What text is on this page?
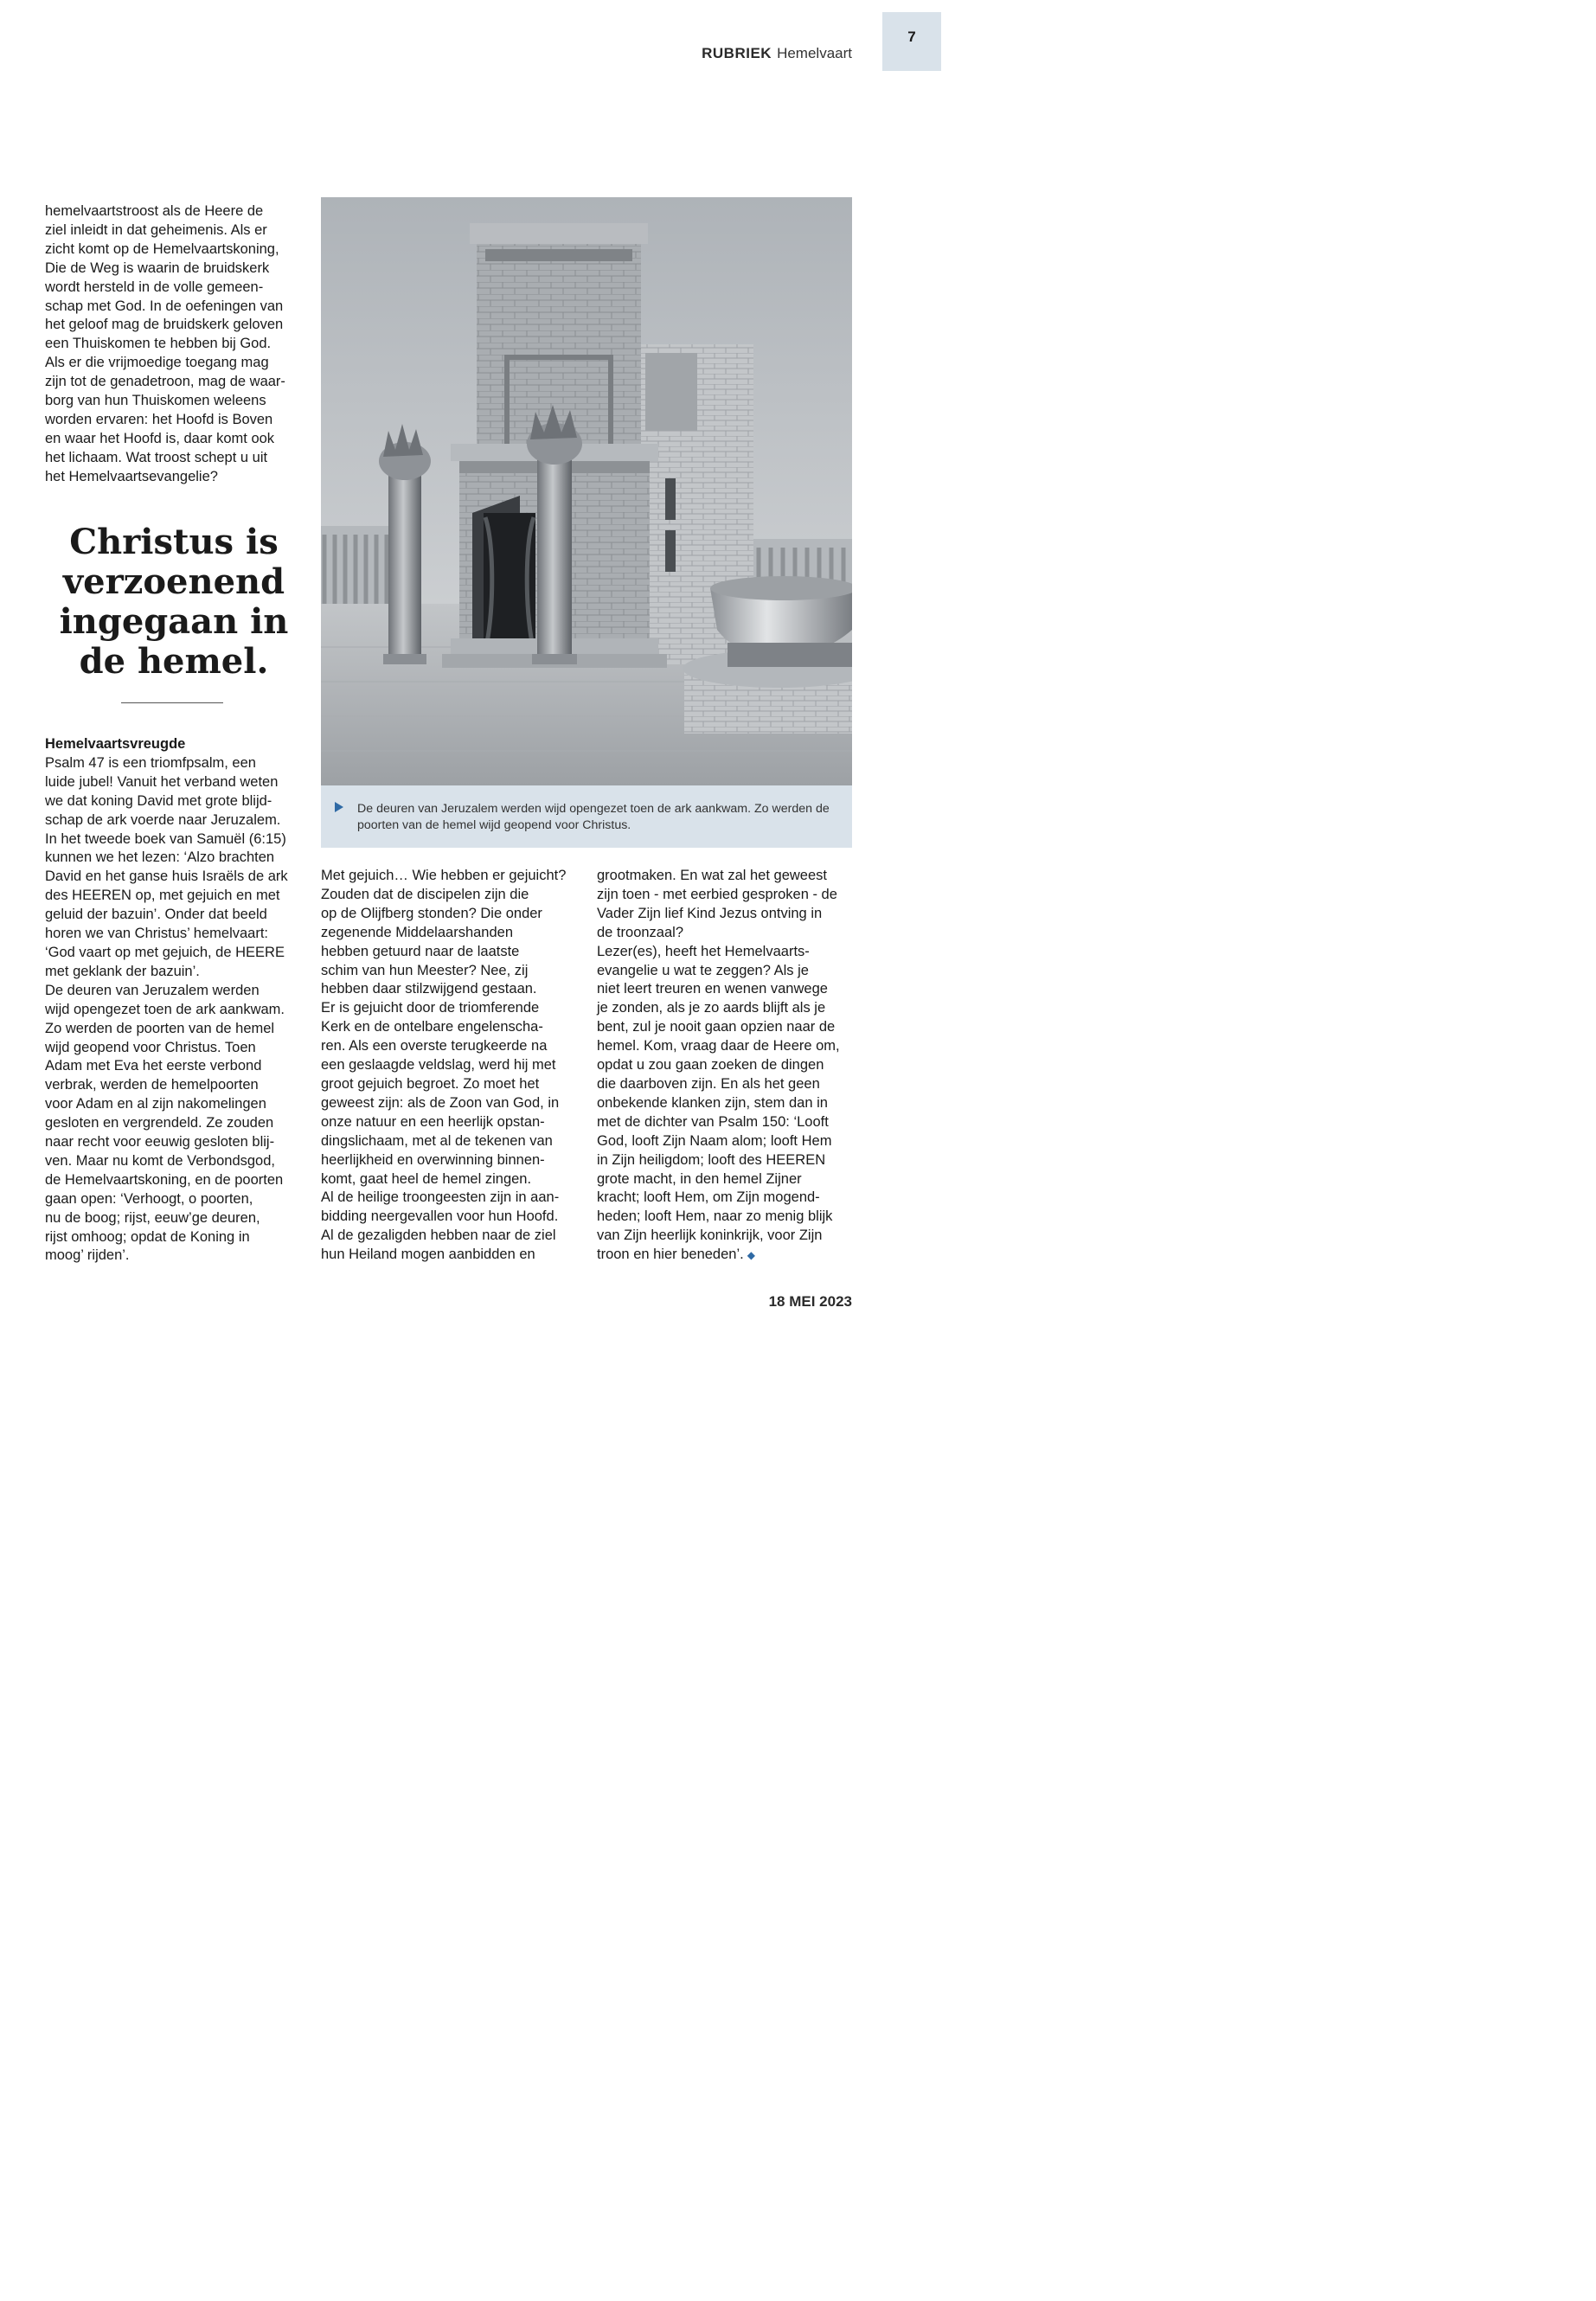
RUBRIEK Hemelvaart
7

hemelvaartstroost als de Heere de

ziel inleidt in dat geheimenis. Als er

zicht komt op de Hemelvaartskoning,

Die de Weg is waarin de bruidskerk

wordt hersteld in de volle gemeen-

schap met God. In de oefeningen van

het geloof mag de bruidskerk geloven

een Thuiskomen te hebben bij God.

Als er die vrijmoedige toegang mag

zijn tot de genadetroon, mag de waar-

borg van hun Thuiskomen weleens

worden ervaren: het Hoofd is Boven

en waar het Hoofd is, daar komt ook

het lichaam. Wat troost schept u uit

het Hemelvaartsevangelie?

Christus is
verzoenend
ingegaan in
de hemel.

Hemelvaartsvreugde

Psalm 47 is een triomfpsalm, een

luide jubel! Vanuit het verband weten

we dat koning David met grote blijd-

schap de ark voerde naar Jeruzalem.

In het tweede boek van Samuël (6:15)

kunnen we het lezen: ‘Alzo brachten

David en het ganse huis Israëls de ark

des HEEREN op, met gejuich en met

geluid der bazuin’. Onder dat beeld

horen we van Christus’ hemelvaart:

‘God vaart op met gejuich, de HEERE

met geklank der bazuin’.

De deuren van Jeruzalem werden

wijd opengezet toen de ark aankwam.

Zo werden de poorten van de hemel

wijd geopend voor Christus. Toen

Adam met Eva het eerste verbond

verbrak, werden de hemelpoorten

voor Adam en al zijn nakomelingen

gesloten en vergrendeld. Ze zouden

naar recht voor eeuwig gesloten blij-

ven. Maar nu komt de Verbondsgod,

de Hemelvaartskoning, en de poorten

gaan open: ‘Verhoogt, o poorten,

nu de boog; rijst, eeuw’ge deuren,

rijst omhoog; opdat de Koning in

moog’ rijden’.

De deuren van Jeruzalem werden wijd opengezet toen de ark aankwam. Zo werden de
poorten van de hemel wijd geopend voor Christus.

Met gejuich… Wie hebben er gejuicht?

Zouden dat de discipelen zijn die

op de Olijfberg stonden? Die onder

zegenende Middelaarshanden

hebben getuurd naar de laatste

schim van hun Meester? Nee, zij

hebben daar stilzwijgend gestaan.

Er is gejuicht door de triomferende

Kerk en de ontelbare engelenscha-

ren. Als een overste terugkeerde na

een geslaagde veldslag, werd hij met

groot gejuich begroet. Zo moet het

geweest zijn: als de Zoon van God, in

onze natuur en een heerlijk opstan-

dingslichaam, met al de tekenen van

heerlijkheid en overwinning binnen-

komt, gaat heel de hemel zingen.

Al de heilige troongeesten zijn in aan-

bidding neergevallen voor hun Hoofd.

Al de gezaligden hebben naar de ziel

hun Heiland mogen aanbidden en

grootmaken. En wat zal het geweest

zijn toen - met eerbied gesproken - de

Vader Zijn lief Kind Jezus ontving in

de troonzaal?

Lezer(es), heeft het Hemelvaarts-

evangelie u wat te zeggen? Als je

niet leert treuren en wenen vanwege

je zonden, als je zo aards blijft als je

bent, zul je nooit gaan opzien naar de

hemel. Kom, vraag daar de Heere om,

opdat u zou gaan zoeken de dingen

die daarboven zijn. En als het geen

onbekende klanken zijn, stem dan in

met de dichter van Psalm 150: ‘Looft

God, looft Zijn Naam alom; looft Hem

in Zijn heiligdom; looft des HEEREN

grote macht, in den hemel Zijner

kracht; looft Hem, om Zijn mogend-

heden; looft Hem, naar zo menig blijk

van Zijn heerlijk koninkrijk, voor Zijn

troon en hier beneden’. ◆

18 MEI 2023
